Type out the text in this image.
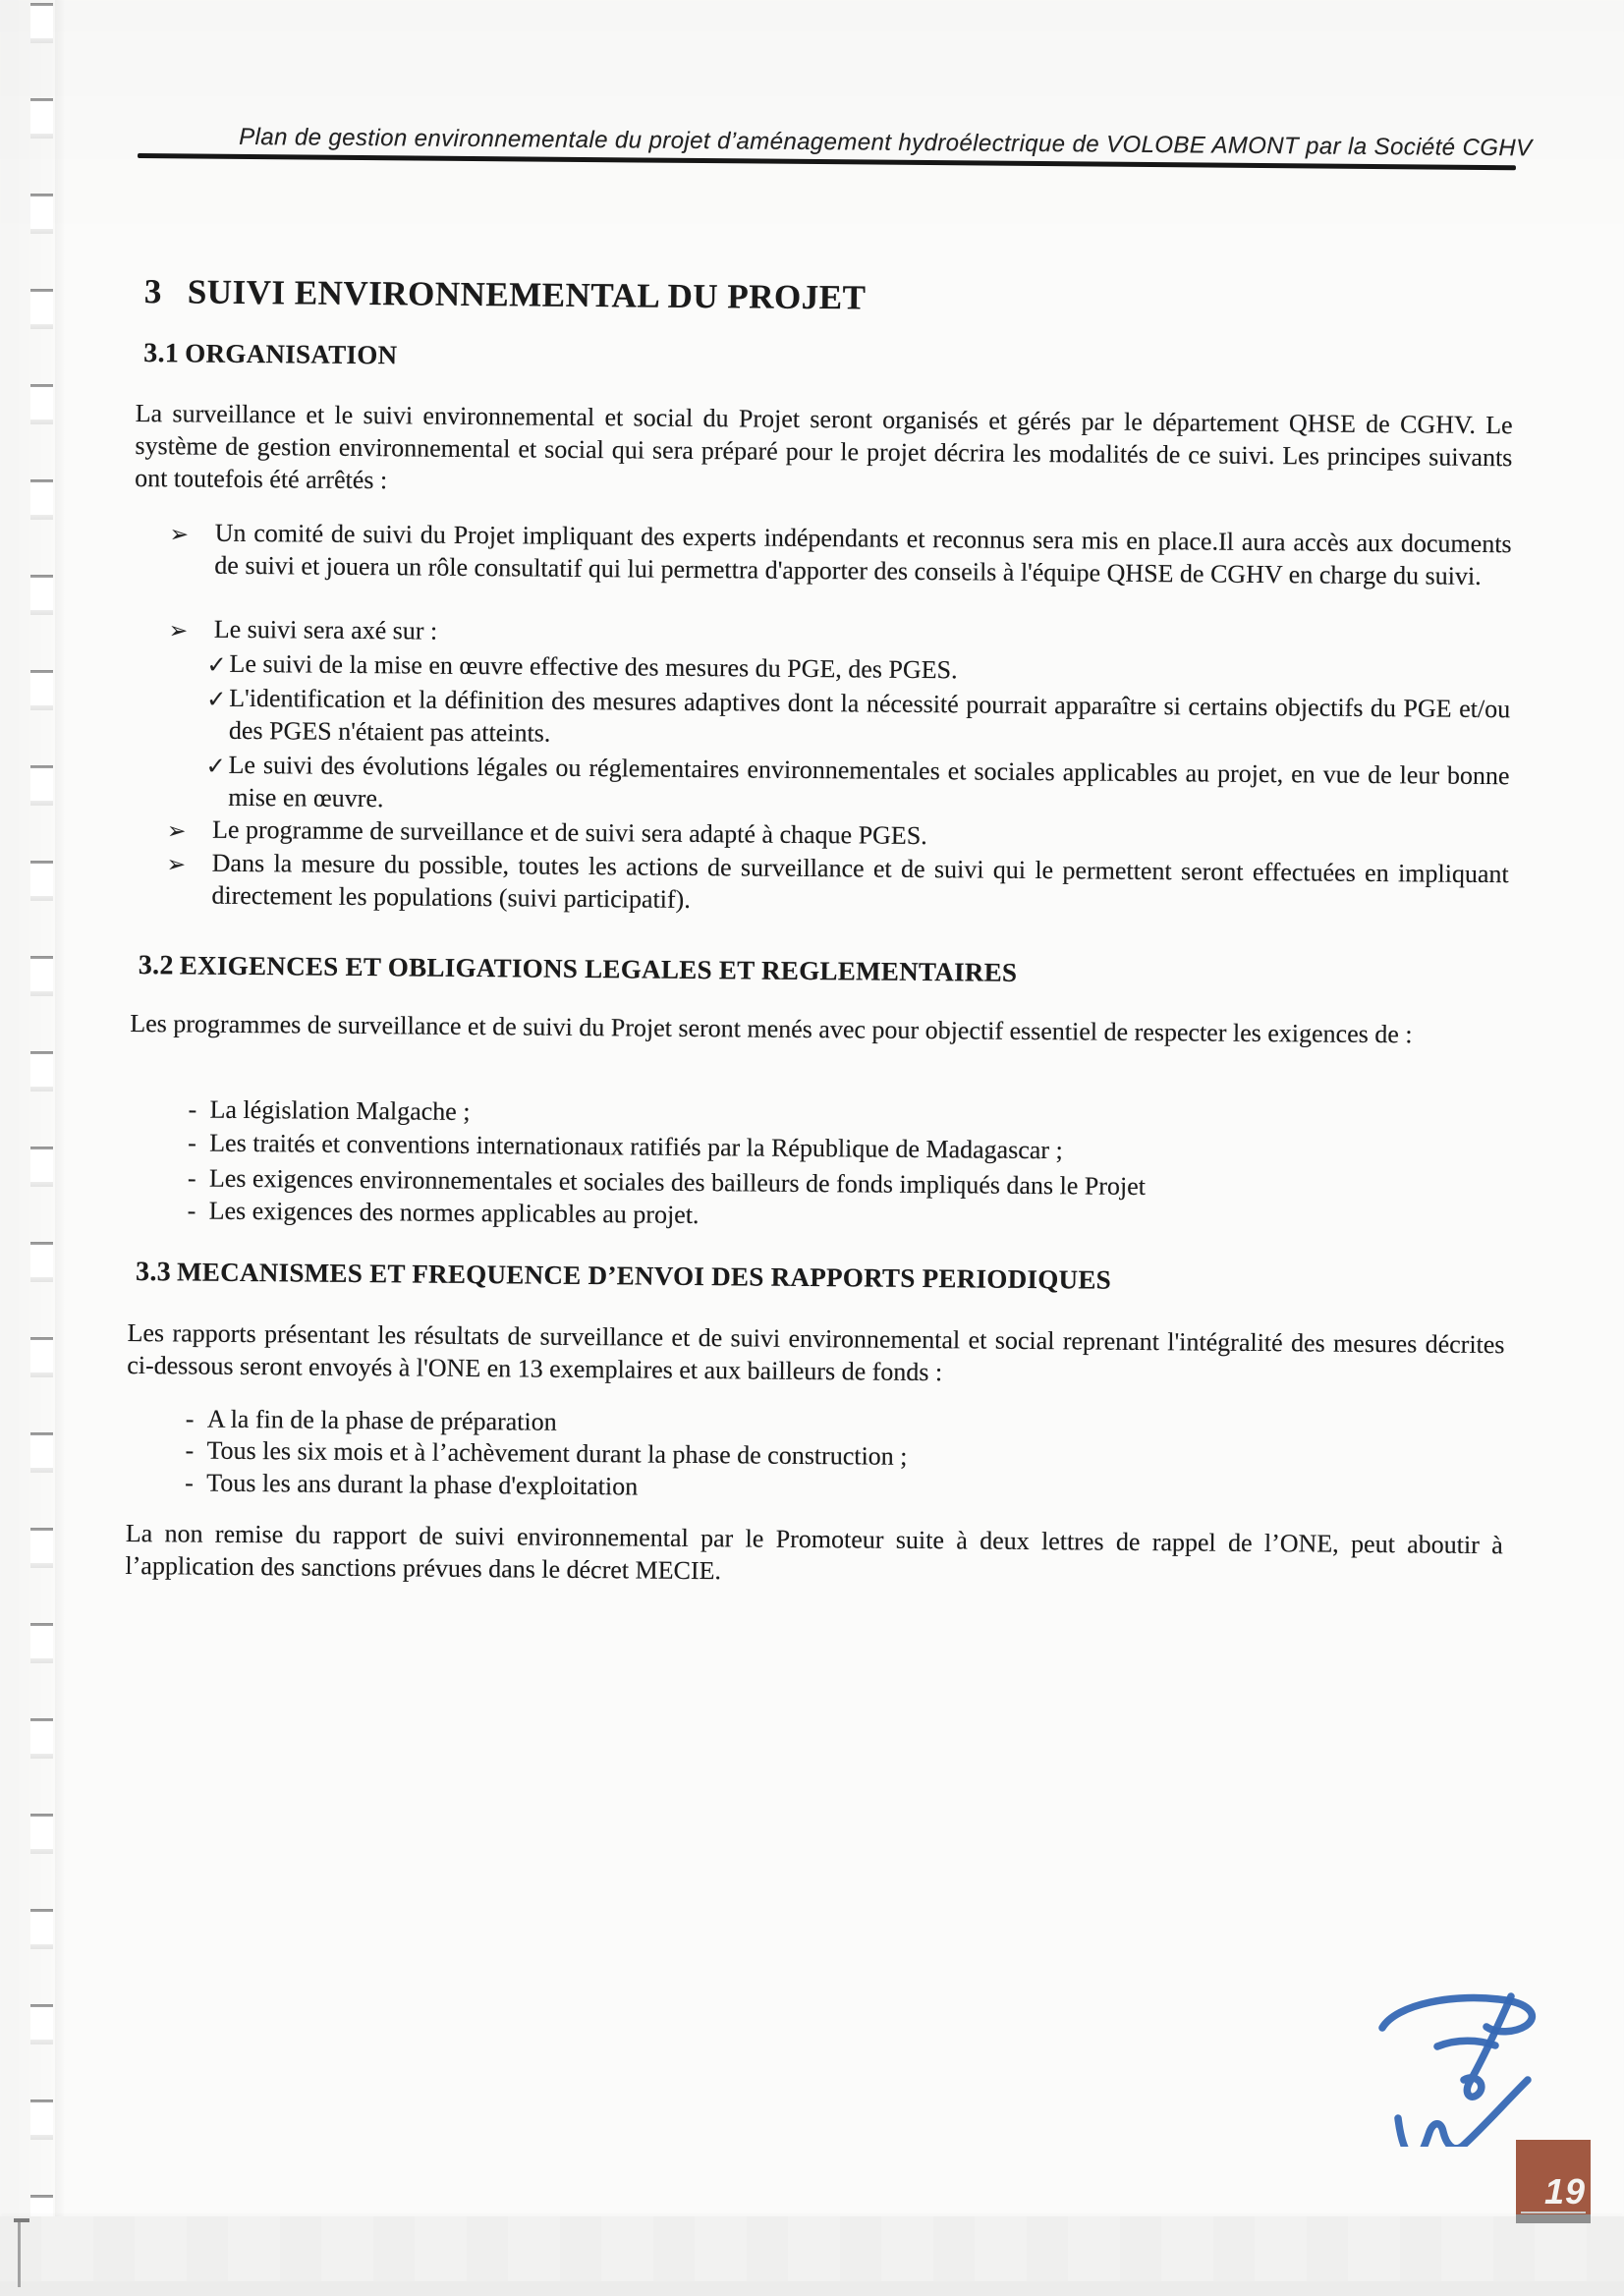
Plan de gestion environnementale du projet d’aménagement hydroélectrique de VOLOBE AMONT par la Société CGHV
3 SUIVI ENVIRONNEMENTAL DU PROJET
3.1 ORGANISATION
La surveillance et le suivi environnemental et social du Projet seront organisés et gérés par le département QHSE de CGHV. Le système de gestion environnemental et social qui sera préparé pour le projet décrira les modalités de ce suivi. Les principes suivants ont toutefois été arrêtés :
➢ Un comité de suivi du Projet impliquant des experts indépendants et reconnus sera mis en place.Il aura accès aux documents de suivi et jouera un rôle consultatif qui lui permettra d'apporter des conseils à l'équipe QHSE de CGHV en charge du suivi.
➢ Le suivi sera axé sur :
✓ Le suivi de la mise en œuvre effective des mesures du PGE, des PGES.
✓ L'identification et la définition des mesures adaptives dont la nécessité pourrait apparaître si certains objectifs du PGE et/ou des PGES n'étaient pas atteints.
✓ Le suivi des évolutions légales ou réglementaires environnementales et sociales applicables au projet, en vue de leur bonne mise en œuvre.
➢ Le programme de surveillance et de suivi sera adapté à chaque PGES.
➢ Dans la mesure du possible, toutes les actions de surveillance et de suivi qui le permettent seront effectuées en impliquant directement les populations (suivi participatif).
3.2 EXIGENCES ET OBLIGATIONS LEGALES ET REGLEMENTAIRES
Les programmes de surveillance et de suivi du Projet seront menés avec pour objectif essentiel de respecter les exigences de :
- La législation Malgache ;
- Les traités et conventions internationaux ratifiés par la République de Madagascar ;
- Les exigences environnementales et sociales des bailleurs de fonds impliqués dans le Projet
- Les exigences des normes applicables au projet.
3.3 MECANISMES ET FREQUENCE D’ENVOI DES RAPPORTS PERIODIQUES
Les rapports présentant les résultats de surveillance et de suivi environnemental et social reprenant l'intégralité des mesures décrites ci-dessous seront envoyés à l'ONE en 13 exemplaires et aux bailleurs de fonds :
- A la fin de la phase de préparation
- Tous les six mois et à l’achèvement durant la phase de construction ;
- Tous les ans durant la phase d'exploitation
La non remise du rapport de suivi environnemental par le Promoteur suite à deux lettres de rappel de l’ONE, peut aboutir à l’application des sanctions prévues dans le décret MECIE.
19
